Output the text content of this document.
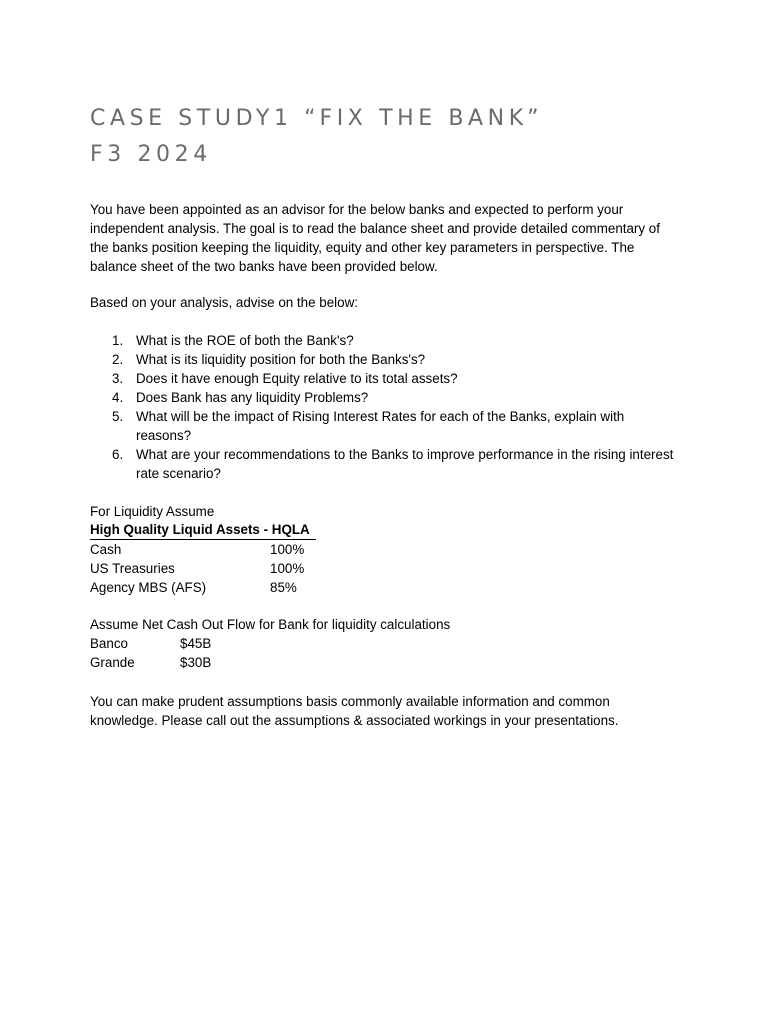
CASE STUDY1 “FIX THE BANK”
F3 2024
You have been appointed as an advisor for the below banks and expected to perform your independent analysis. The goal is to read the balance sheet and provide detailed commentary of the banks position keeping the liquidity, equity and other key parameters in perspective. The balance sheet of the two banks have been provided below.
Based on your analysis, advise on the below:
1. What is the ROE of both the Bank's?
2. What is its liquidity position for both the Banks's?
3. Does it have enough Equity relative to its total assets?
4. Does Bank has any liquidity Problems?
5. What will be the impact of Rising Interest Rates for each of the Banks, explain with reasons?
6. What are your recommendations to the Banks to improve performance in the rising interest rate scenario?
For Liquidity Assume
High Quality Liquid Assets - HQLA
Cash	100%
US Treasuries	100%
Agency MBS (AFS)	85%
Assume Net Cash Out Flow for Bank for liquidity calculations
Banco	$45B
Grande	$30B
You can make prudent assumptions basis commonly available information and common knowledge. Please call out the assumptions & associated workings in your presentations.
